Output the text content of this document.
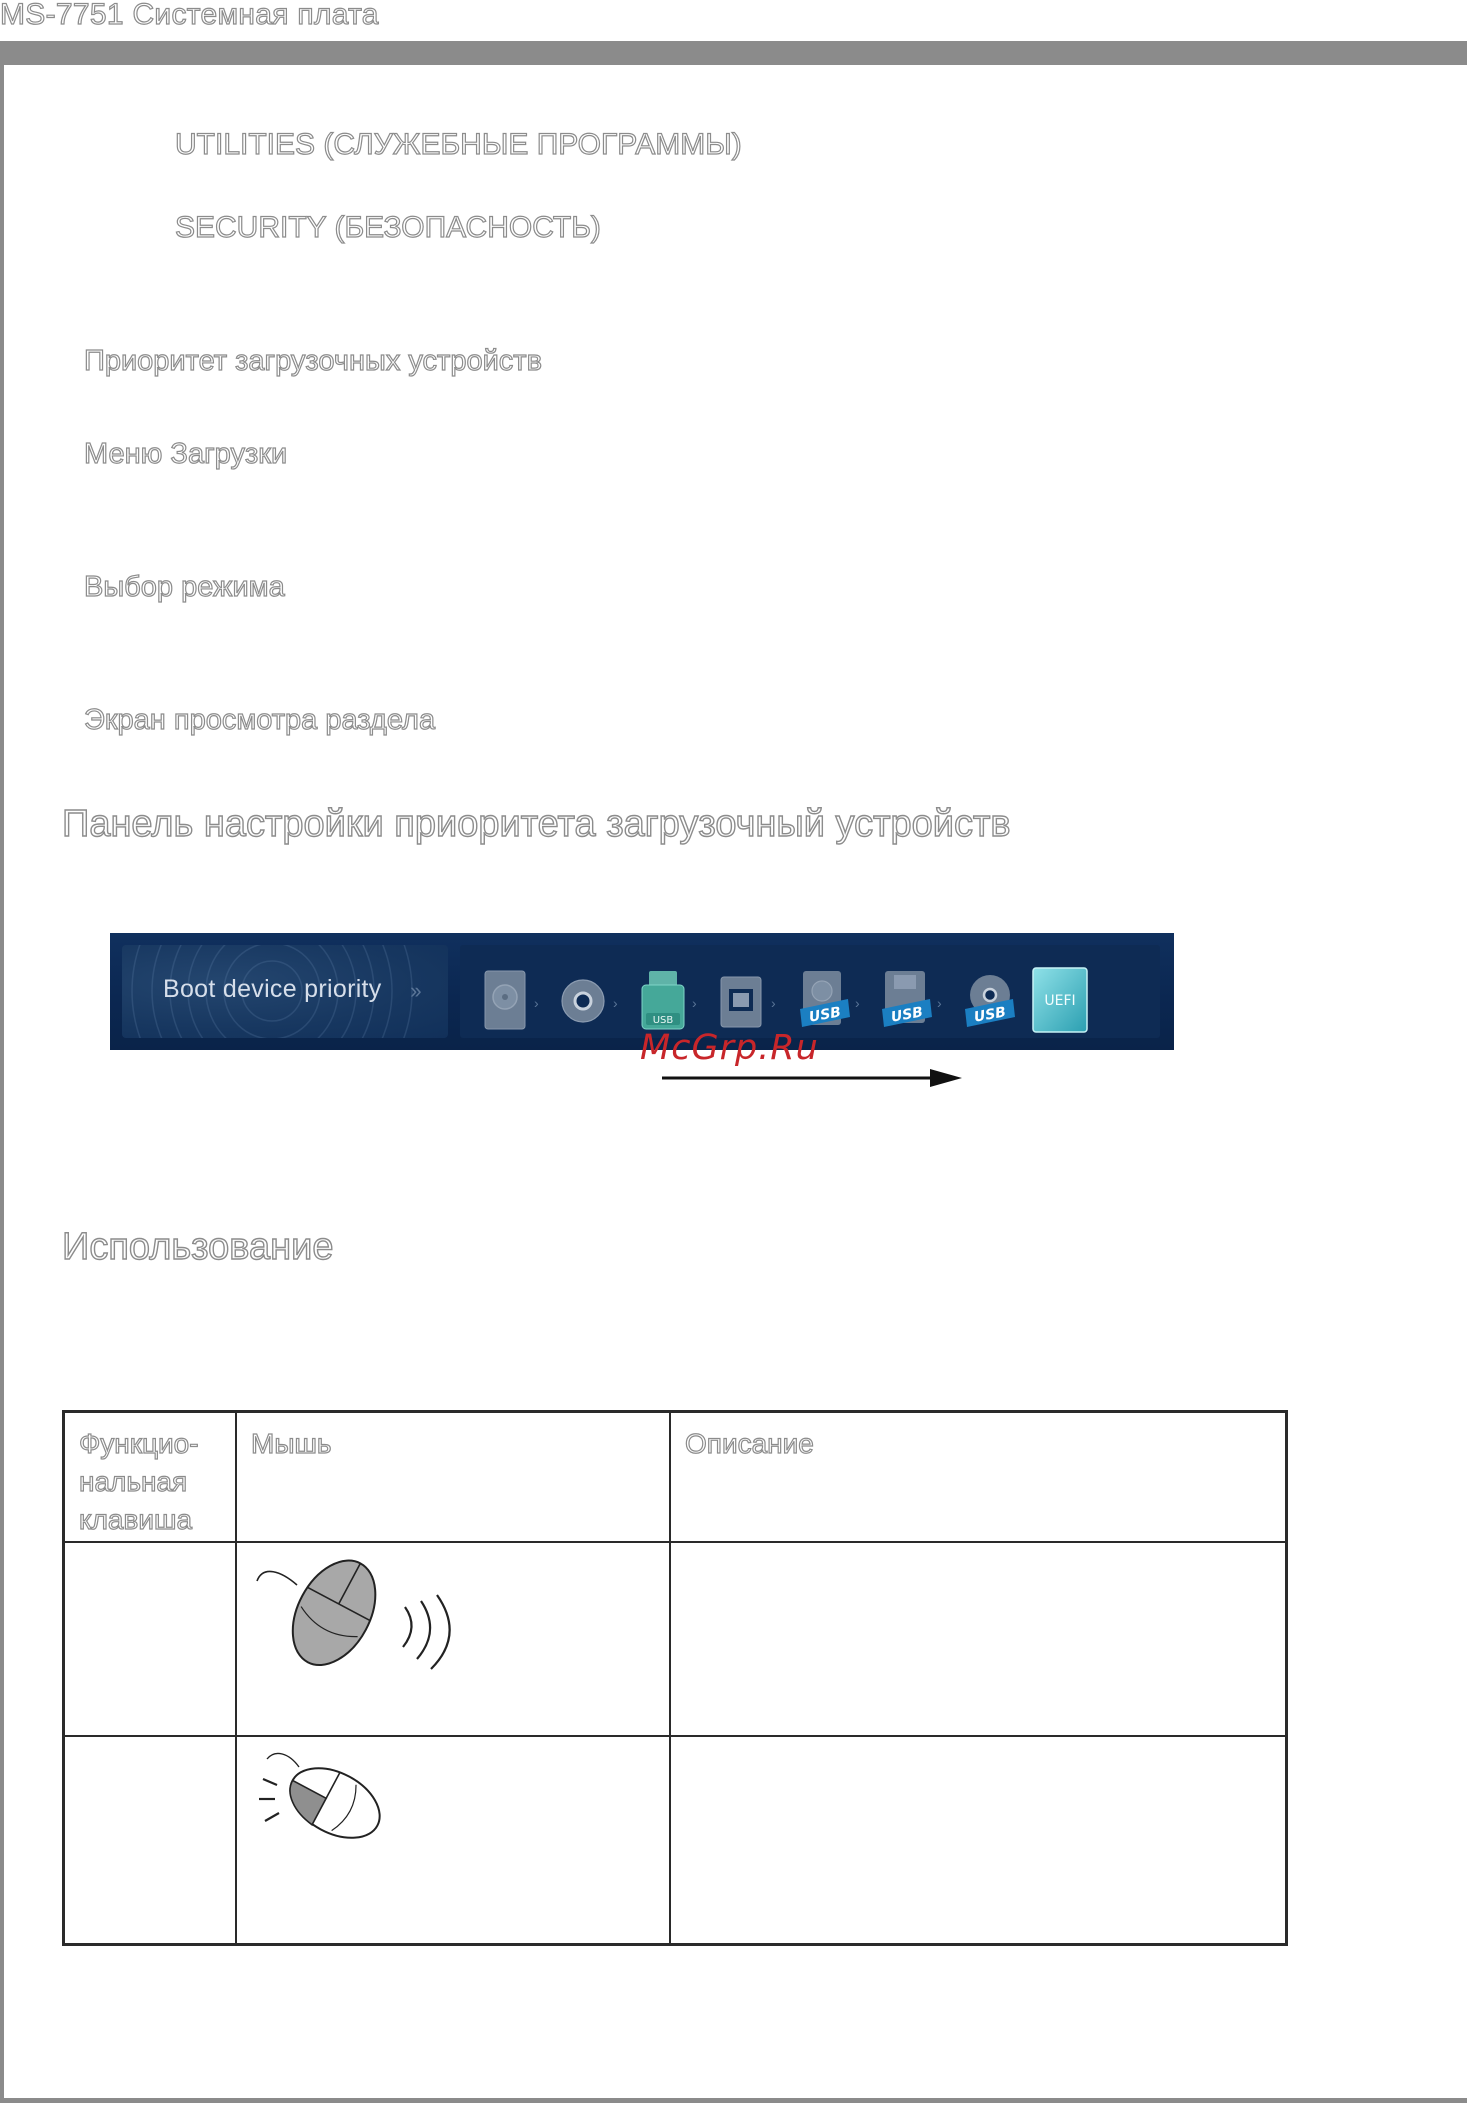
MS-7751 Системная плата
UTILITIES (СЛУЖЕБНЫЕ ПРОГРАММЫ)
SECURITY (БЕЗОПАСНОСТЬ)
Приоритет загрузочных устройств
Меню Загрузки
Выбор режима
Экран просмотра раздела
Панель настройки приоритета загрузочный устройств
Boot device priority ››	›	›
USB
›	›
USB
›
USB
›
USB
UEFI
McGrp.Ru
Использование
Функцио-нальная клавиша	Мышь	Описание
